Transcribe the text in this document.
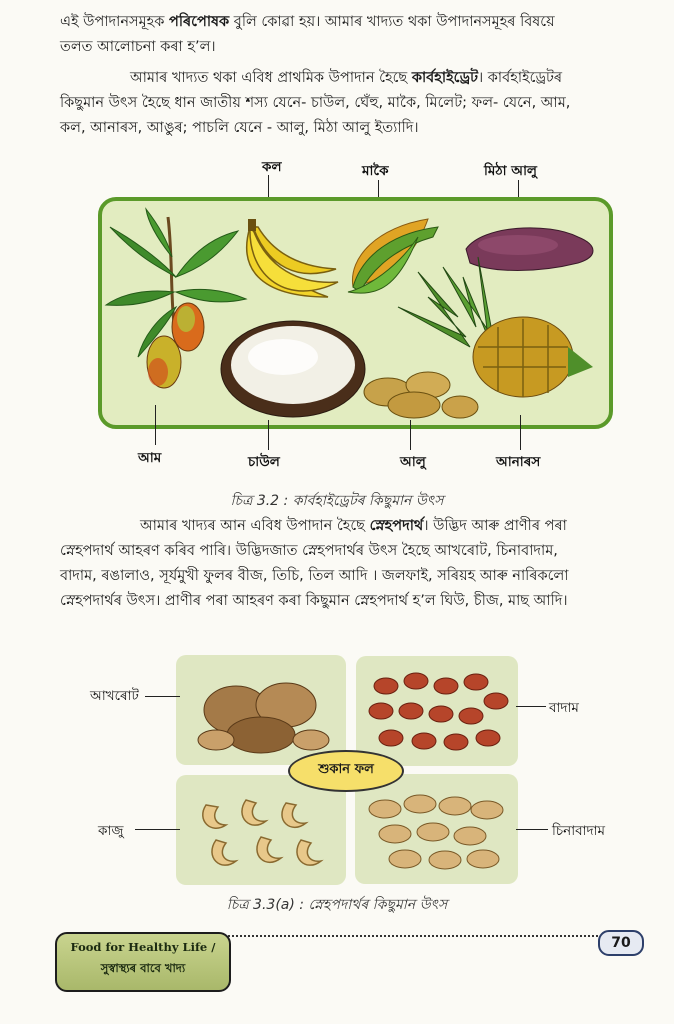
এই উপাদানসমূহক পৰিপোষক বুলি কোৱা হয়। আমাৰ খাদ্যত থকা উপাদানসমূহৰ বিষয়ে
তলত আলোচনা কৰা হ’ল।

আমাৰ খাদ্যত থকা এবিধ প্ৰাথমিক উপাদান হৈছে কাৰ্বহাইড্ৰেট। কাৰ্বহাইড্ৰেটৰ
কিছুমান উৎস হৈছে ধান জাতীয় শস্য যেনে- চাউল, ঘেঁহু, মাকৈ, মিলেট; ফল- যেনে, আম,
কল, আনাৰস, আঙুৰ; পাচলি যেনে - আলু, মিঠা আলু ইত্যাদি।

কল	মাকৈ	মিঠা আলু
আম	চাউল	আলু	আনাৰস
চিত্ৰ 3.2 : কাৰ্বহাইড্ৰেটৰ কিছুমান উৎস

আমাৰ খাদ্যৰ আন এবিধ উপাদান হৈছে স্নেহপদাৰ্থ। উদ্ভিদ আৰু প্ৰাণীৰ পৰা
স্নেহপদাৰ্থ আহৰণ কৰিব পাৰি। উদ্ভিদজাত স্নেহপদাৰ্থৰ উৎস হৈছে আখৰোট, চিনাবাদাম,
বাদাম, ৰঙালাও, সূৰ্যমুখী ফুলৰ বীজ, তিচি, তিল আদি । জলফাই, সৰিয়হ আৰু নাৰিকলো
স্নেহপদাৰ্থৰ উৎস। প্ৰাণীৰ পৰা আহৰণ কৰা কিছুমান স্নেহপদাৰ্থ হ’ল ঘিউ, চীজ, মাছ আদি।

শুকান ফল
আখৰোট
বাদাম
কাজু	চিনাবাদাম
চিত্ৰ 3.3(a) : স্নেহপদাৰ্থৰ কিছুমান উৎস
Food for Healthy Life /
সুস্বাস্থ্যৰ বাবে খাদ্য
70
